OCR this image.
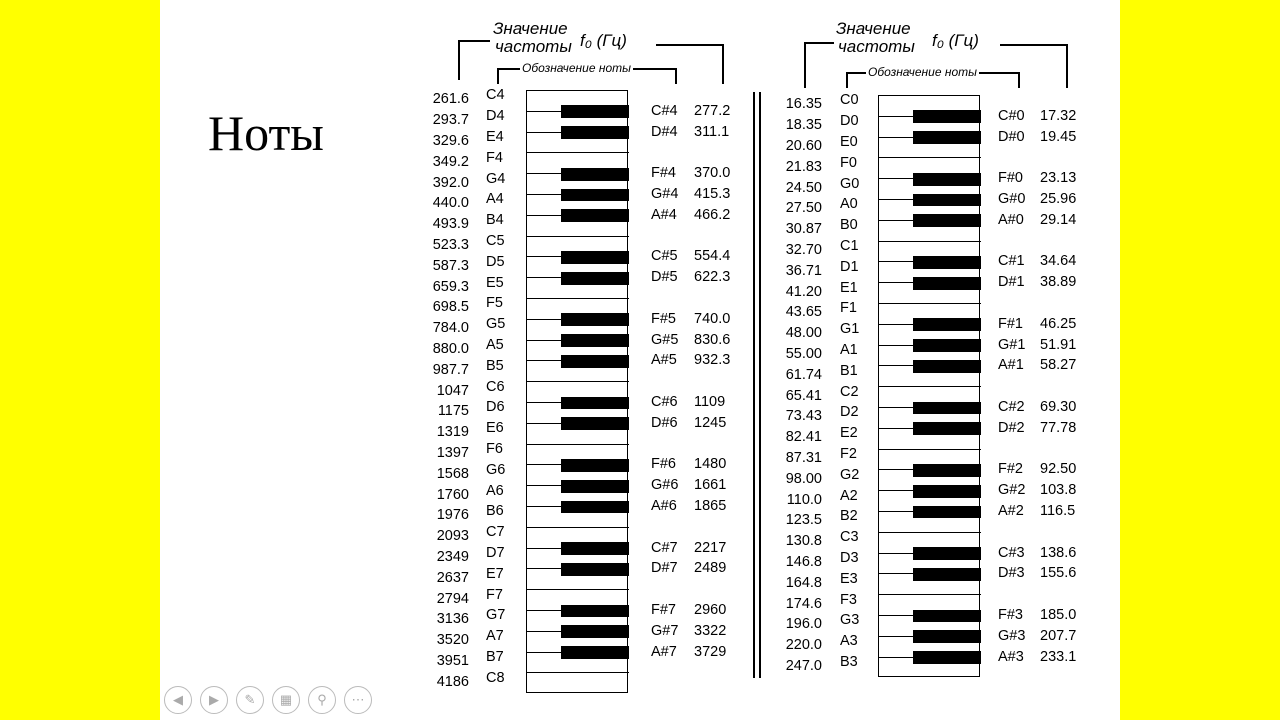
Ноты
Значение
частоты f₀ (Гц)
Обозначение ноты
Значение
частоты f₀ (Гц)
Обозначение ноты
261.6 C4
293.7 D4
329.6 E4
349.2 F4
392.0 G4
440.0 A4
493.9 B4
523.3 C5
587.3 D5
659.3 E5
698.5 F5
784.0 G5
880.0 A5
987.7 B5
1047 C6
1175 D6
1319 E6
1397 F6
1568 G6
1760 A6
1976 B6
2093 C7
2349 D7
2637 E7
2794 F7
3136 G7
3520 A7
3951 B7
4186 C8
C#4 277.2
D#4 311.1
F#4 370.0
G#4 415.3
A#4 466.2
C#5 554.4
D#5 622.3
F#5 740.0
G#5 830.6
A#5 932.3
C#6 1109
D#6 1245
F#6 1480
G#6 1661
A#6 1865
C#7 2217
D#7 2489
F#7 2960
G#7 3322
A#7 3729
16.35 C0
18.35 D0
20.60 E0
21.83 F0
24.50 G0
27.50 A0
30.87 B0
32.70 C1
36.71 D1
41.20 E1
43.65 F1
48.00 G1
55.00 A1
61.74 B1
65.41 C2
73.43 D2
82.41 E2
87.31 F2
98.00 G2
110.0 A2
123.5 B2
130.8 C3
146.8 D3
164.8 E3
174.6 F3
196.0 G3
220.0 A3
247.0 B3
C#0 17.32
D#0 19.45
F#0 23.13
G#0 25.96
A#0 29.14
C#1 34.64
D#1 38.89
F#1 46.25
G#1 51.91
A#1 58.27
C#2 69.30
D#2 77.78
F#2 92.50
G#2 103.8
A#2 116.5
C#3 138.6
D#3 155.6
F#3 185.0
G#3 207.7
A#3 233.1
◀	▶	✎	▦	⚲	⋯
